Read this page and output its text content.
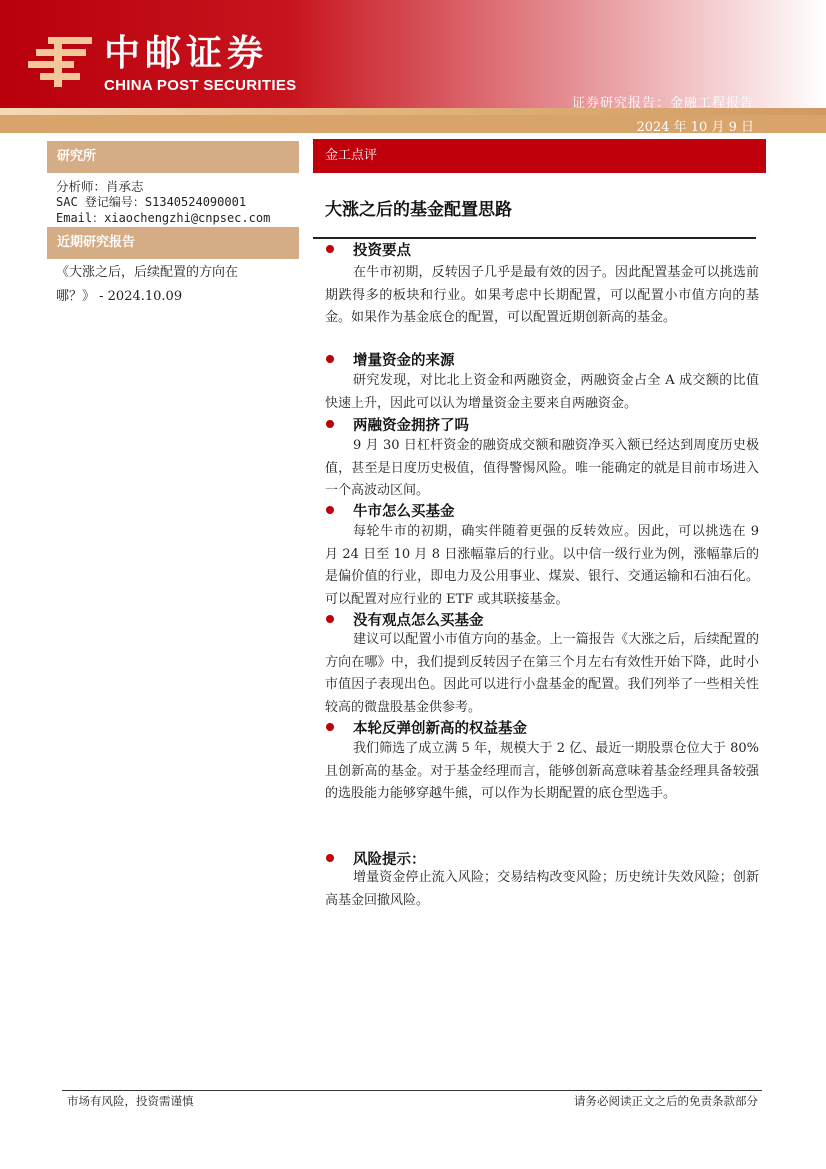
中邮证券
CHINA POST SECURITIES
证券研究报告：金融工程报告
2024 年 10 月 9 日
研究所
分析师：肖承志
SAC 登记编号：S1340524090001
Email：xiaochengzhi@cnpsec.com
近期研究报告
《大涨之后，后续配置的方向在
哪？》 - 2024.10.09
金工点评
大涨之后的基金配置思路
投资要点

在牛市初期，反转因子几乎是最有效的因子。因此配置基金可以挑选前期跌得多的板块和行业。如果考虑中长期配置，可以配置小市值方向的基金。如果作为基金底仓的配置，可以配置近期创新高的基金。

增量资金的来源

研究发现，对比北上资金和两融资金，两融资金占全 A 成交额的比值快速上升，因此可以认为增量资金主要来自两融资金。

两融资金拥挤了吗

9 月 30 日杠杆资金的融资成交额和融资净买入额已经达到周度历史极值，甚至是日度历史极值，值得警惕风险。唯一能确定的就是目前市场进入一个高波动区间。

牛市怎么买基金

每轮牛市的初期，确实伴随着更强的反转效应。因此，可以挑选在 9 月 24 日至 10 月 8 日涨幅靠后的行业。以中信一级行业为例，涨幅靠后的是偏价值的行业，即电力及公用事业、煤炭、银行、交通运输和石油石化。可以配置对应行业的 ETF 或其联接基金。

没有观点怎么买基金

建议可以配置小市值方向的基金。上一篇报告《大涨之后，后续配置的方向在哪》中，我们提到反转因子在第三个月左右有效性开始下降，此时小市值因子表现出色。因此可以进行小盘基金的配置。我们列举了一些相关性较高的微盘股基金供参考。

本轮反弹创新高的权益基金

我们筛选了成立满 5 年，规模大于 2 亿、最近一期股票仓位大于 80%且创新高的基金。对于基金经理而言，能够创新高意味着基金经理具备较强的选股能力能够穿越牛熊，可以作为长期配置的底仓型选手。

风险提示：

增量资金停止流入风险；交易结构改变风险；历史统计失效风险；创新高基金回撤风险。

市场有风险，投资需谨慎	请务必阅读正文之后的免责条款部分
